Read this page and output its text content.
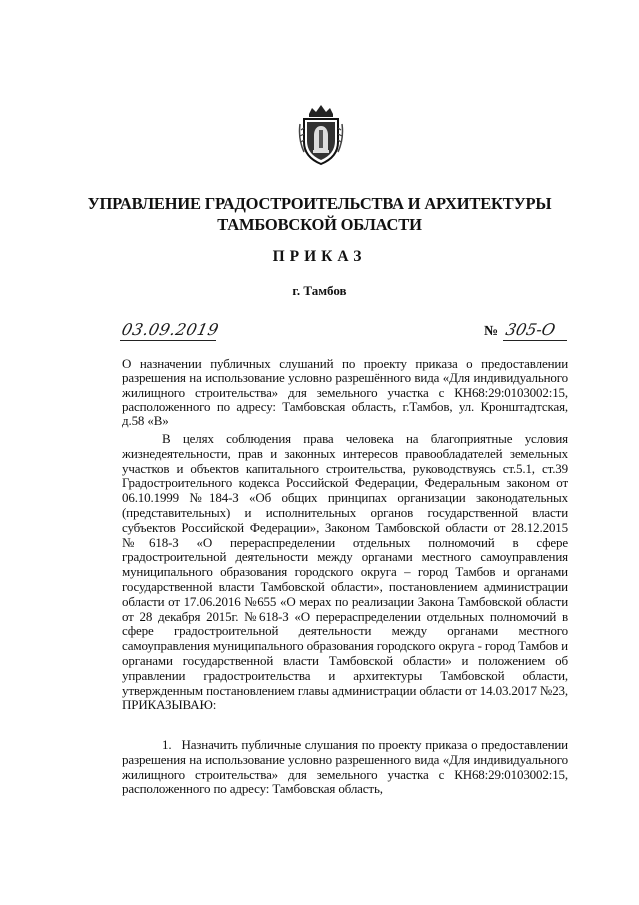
УПРАВЛЕНИЕ ГРАДОСТРОИТЕЛЬСТВА И АРХИТЕКТУРЫ ТАМБОВСКОЙ ОБЛАСТИ
ПРИКАЗ
г. Тамбов
03.09.2019	№ 305-О
О назначении публичных слушаний по проекту приказа о предоставлении разрешения на использование условно разрешённого вида «Для индивидуального жилищного строительства» для земельного участка с КН68:29:0103002:15, расположенного по адресу: Тамбовская область, г.Тамбов, ул. Кронштадтская, д.58 «В»
В целях соблюдения права человека на благоприятные условия жизнедеятельности, прав и законных интересов правообладателей земельных участков и объектов капитального строительства, руководствуясь ст.5.1, ст.39 Градостроительного кодекса Российской Федерации, Федеральным законом от 06.10.1999 №184-З «Об общих принципах организации законодательных (представительных) и исполнительных органов государственной власти субъектов Российской Федерации», Законом Тамбовской области от 28.12.2015 №618-З «О перераспределении отдельных полномочий в сфере градостроительной деятельности между органами местного самоуправления муниципального образования городского округа – город Тамбов и органами государственной власти Тамбовской области», постановлением администрации области от 17.06.2016 №655 «О мерах по реализации Закона Тамбовской области от 28 декабря 2015г. №618-З «О перераспределении отдельных полномочий в сфере градостроительной деятельности между органами местного самоуправления муниципального образования городского округа - город Тамбов и органами государственной власти Тамбовской области» и положением об управлении градостроительства и архитектуры Тамбовской области, утвержденным постановлением главы администрации области от 14.03.2017 №23, ПРИКАЗЫВАЮ:
1. Назначить публичные слушания по проекту приказа о предоставлении разрешения на использование условно разрешенного вида «Для индивидуального жилищного строительства» для земельного участка с КН68:29:0103002:15, расположенного по адресу: Тамбовская область,
